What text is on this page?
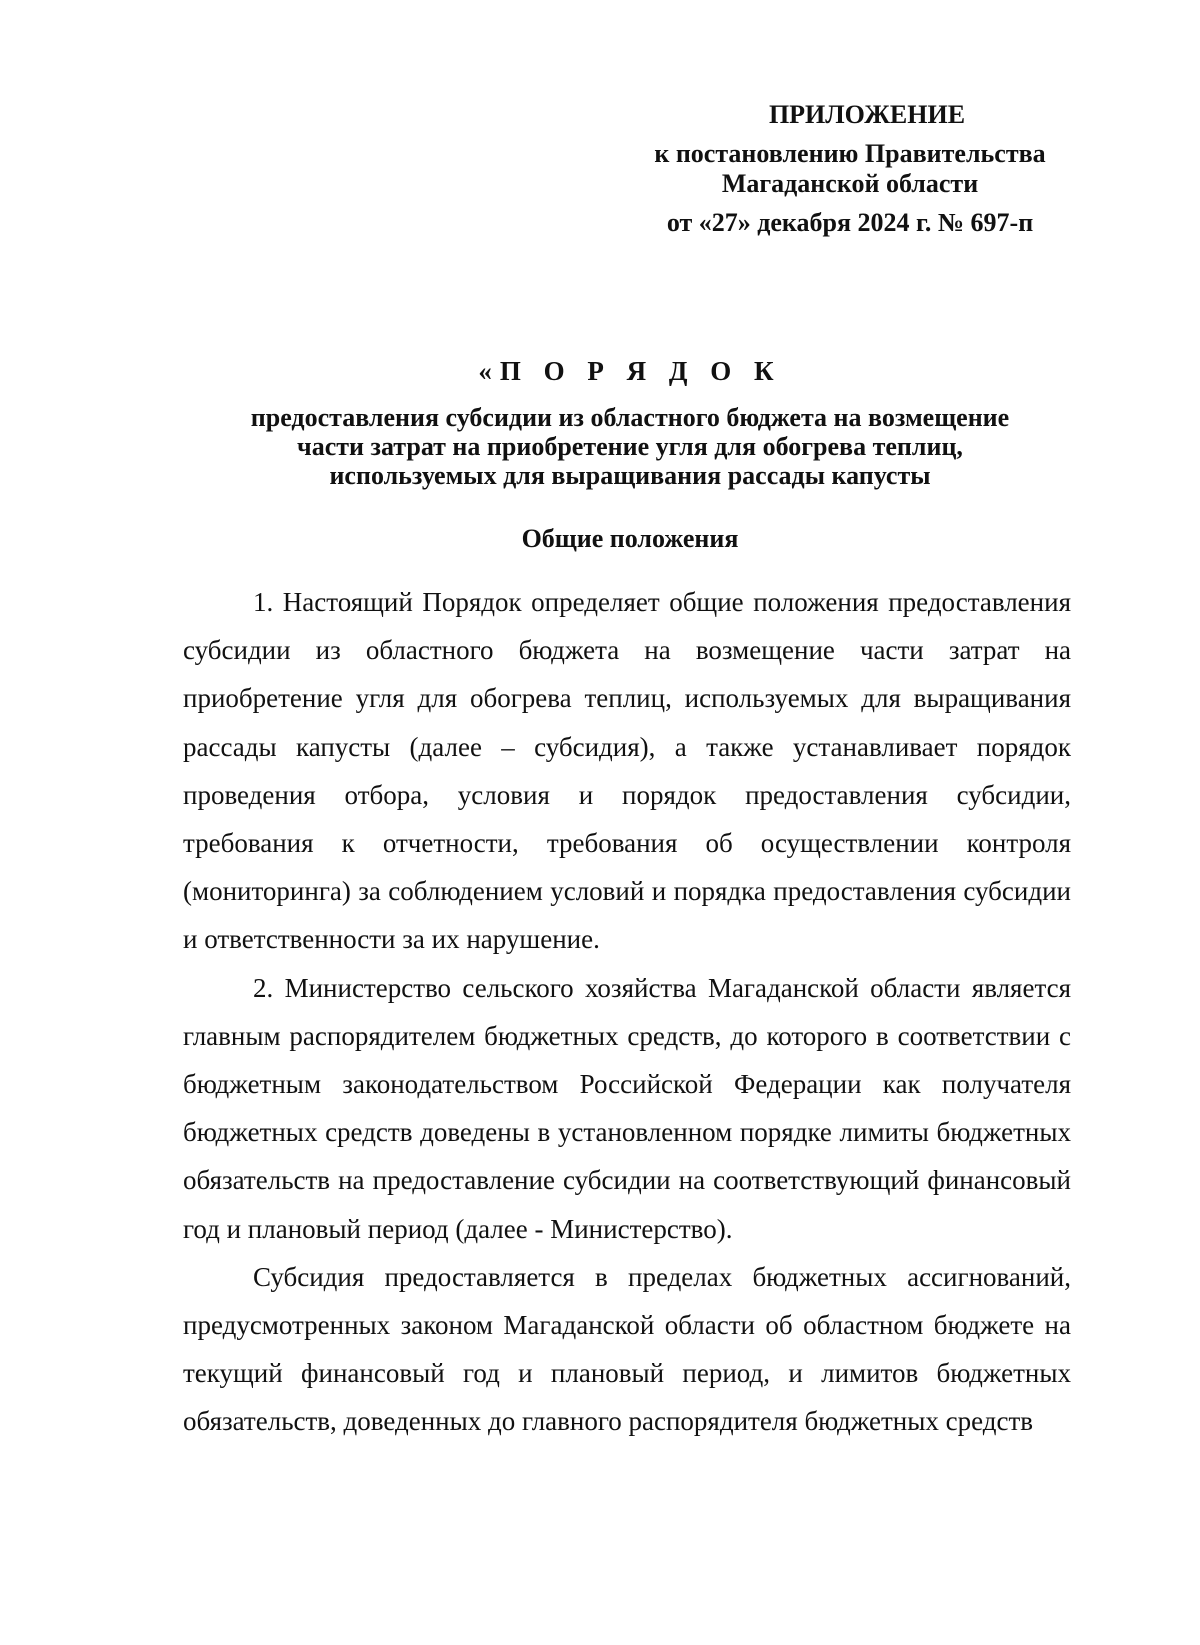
ПРИЛОЖЕНИЕ
к постановлению Правительства
Магаданской области
от «27» декабря 2024 г. № 697-п
«П О Р Я Д О К
предоставления субсидии из областного бюджета на возмещение
части затрат на приобретение угля для обогрева теплиц,
используемых для выращивания рассады капусты
Общие положения

1. Настоящий Порядок определяет общие положения предоставления субсидии из областного бюджета на возмещение части затрат на приобретение угля для обогрева теплиц, используемых для выращивания рассады капусты (далее – субсидия), а также устанавливает порядок проведения отбора, условия и порядок предоставления субсидии, требования к отчетности, требования об осуществлении контроля (мониторинга) за соблюдением условий и порядка предоставления субсидии и ответственности за их нарушение.

2. Министерство сельского хозяйства Магаданской области является главным распорядителем бюджетных средств, до которого в соответствии с бюджетным законодательством Российской Федерации как получателя бюджетных средств доведены в установленном порядке лимиты бюджетных обязательств на предоставление субсидии на соответствующий финансовый год и плановый период (далее - Министерство).

Субсидия предоставляется в пределах бюджетных ассигнований, предусмотренных законом Магаданской области об областном бюджете на текущий финансовый год и плановый период, и лимитов бюджетных обязательств, доведенных до главного распорядителя бюджетных средств
